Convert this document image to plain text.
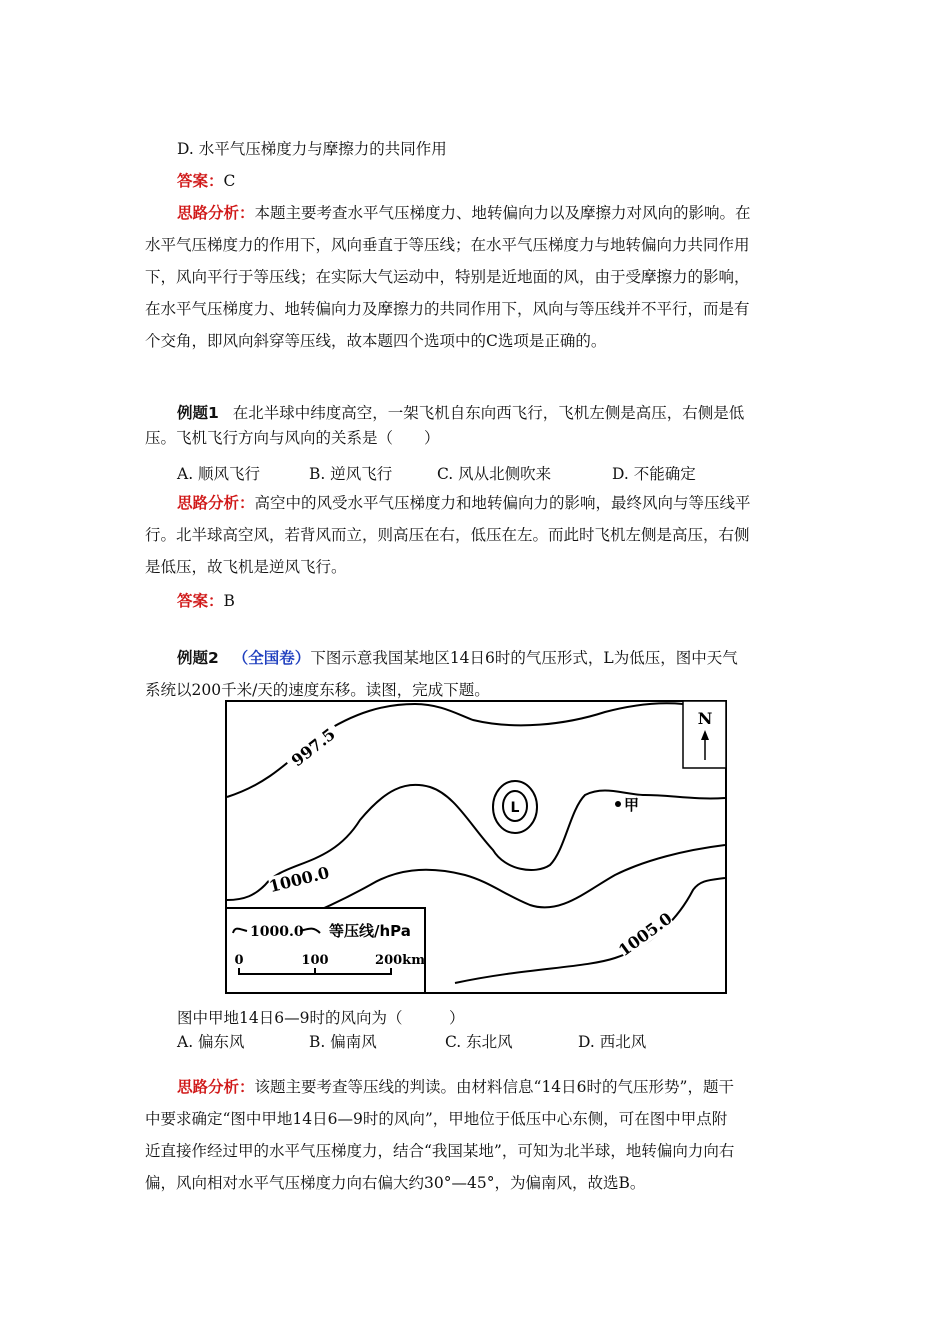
D. 水平气压梯度力与摩擦力的共同作用
答案：C
思路分析：本题主要考查水平气压梯度力、地转偏向力以及摩擦力对风向的影响。在
水平气压梯度力的作用下，风向垂直于等压线；在水平气压梯度力与地转偏向力共同作用
下，风向平行于等压线；在实际大气运动中，特别是近地面的风，由于受摩擦力的影响，
在水平气压梯度力、地转偏向力及摩擦力的共同作用下，风向与等压线并不平行，而是有
个交角，即风向斜穿等压线，故本题四个选项中的C选项是正确的。
例题1 在北半球中纬度高空，一架飞机自东向西飞行，飞机左侧是高压，右侧是低
压。飞机飞行方向与风向的关系是（　　）
A. 顺风飞行	B. 逆风飞行	C. 风从北侧吹来	D. 不能确定
思路分析：高空中的风受水平气压梯度力和地转偏向力的影响，最终风向与等压线平
行。北半球高空风，若背风而立，则高压在右，低压在左。而此时飞机左侧是高压，右侧
是低压，故飞机是逆风飞行。
答案：B
例题2 （全国卷）下图示意我国某地区14日6时的气压形式，L为低压，图中天气
系统以200千米/天的速度东移。读图，完成下题。
N
L	甲
997.5
1000.0
1005.0
1000.0 等压线/hPa
0	100	200km
图中甲地14日6—9时的风向为（　　　）
A. 偏东风	B. 偏南风	C. 东北风	D. 西北风
思路分析：该题主要考查等压线的判读。由材料信息“14日6时的气压形势”，题干
中要求确定“图中甲地14日6—9时的风向”，甲地位于低压中心东侧，可在图中甲点附
近直接作经过甲的水平气压梯度力，结合“我国某地”，可知为北半球，地转偏向力向右
偏，风向相对水平气压梯度力向右偏大约30°—45°，为偏南风，故选B。
